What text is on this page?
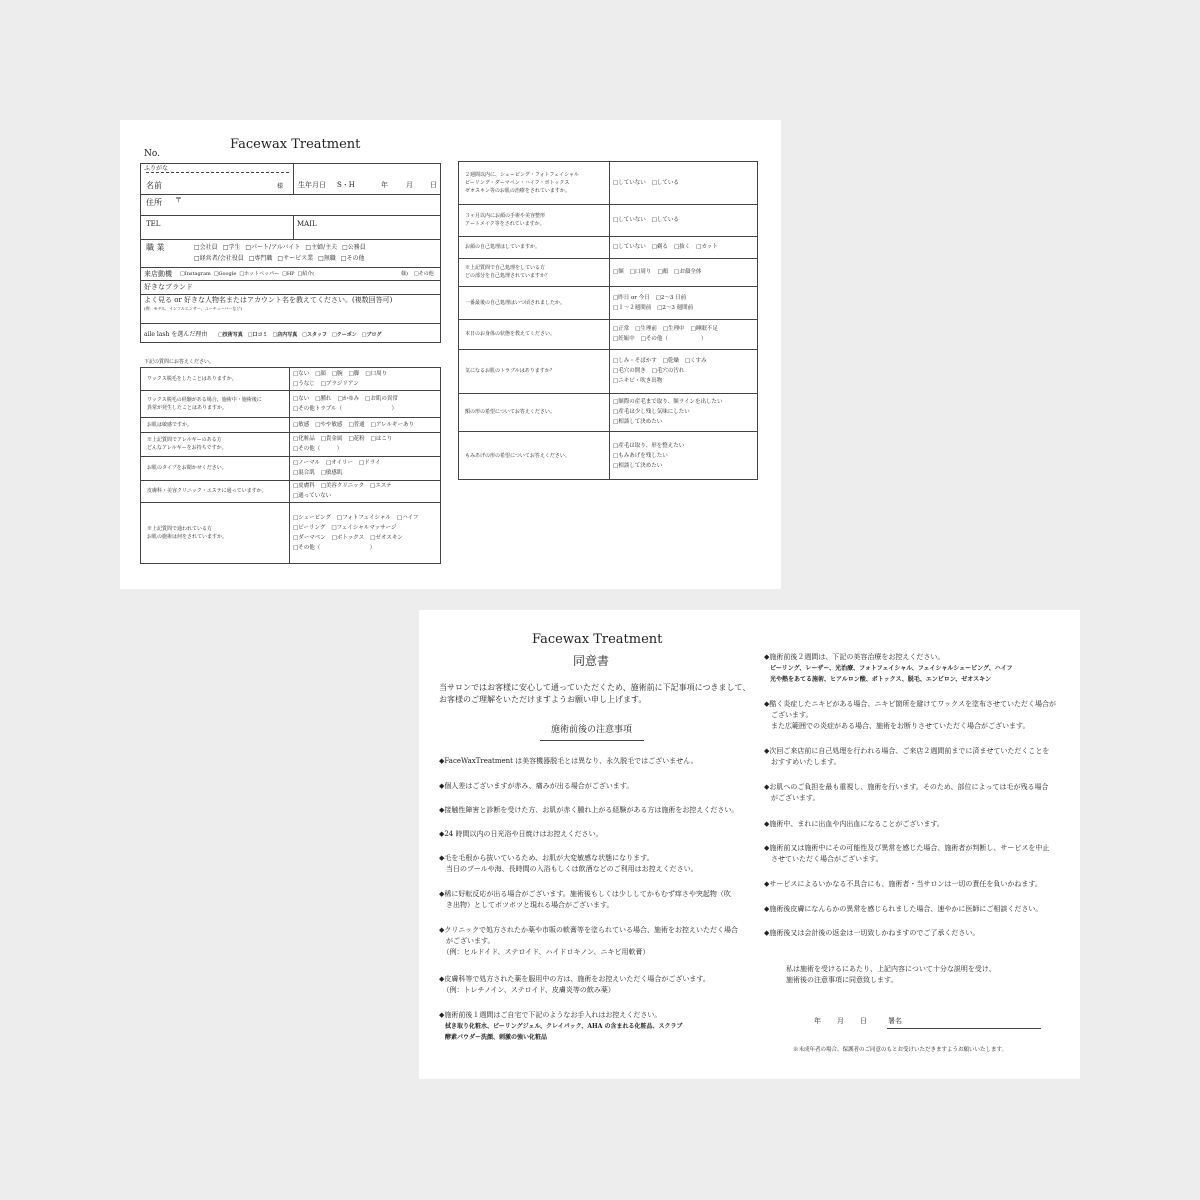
Facewax Treatment
No.
ふりがな
名前	様 生年月日 S・H	年	月 日
住所 〒
TEL	MAIL
職 業 □	会社員 □ 学生 □ パート/アルバイト □ 主婦/主夫 □ 公務員
□ 経営者/会社役員 □ 専門職 □ サービス業 □ 無職 □ その他
来店動機 □	Instagram □ Google □ ホットペッパー □ HP □ 紹介(	様) □	その他
好きなブランド
よく見る or 好きな人物名またはアカウント名を教えてください。(複数回答可)
(例：モデル、インフルエンサー、ユーチューバーなど)
aile lash を選んだ理由 □	技術写真 □ 口コミ □ 店内写真 □ スタッフ □ クーポン □ ブログ
下記の質問にお答えください。
ワックス脱毛をしたことはありますか。
□ ない □ 顔 □ 腕 □ 脚 □ 口周り
□ うなじ □ ブラジリアン
ワックス脱毛の経験がある場合、施術中・施術後に
異常が発生したことはありますか。
□ ない □ 腫れ □ かゆみ □ お肌の異常
□ その他トラブル（　　　　　　　　　）
お肌は敏感ですか。 □	敏感 □ やや敏感 □ 普通 □ アレルギーあり
※上記質問でアレルギーのある方
どんなアレルギーをお持ちですか。
□ 化粧品 □ 貴金属 □ 花粉 □ はこり
□ その他（　　　）
お肌のタイプをお聞かせください。
□ ノーマル □ オイリー □ ドライ
□ 混合肌 □ 敏感肌
皮膚科・美容クリニック・エステに通っていますか。
□ 皮膚科 □ 美容クリニック □ エステ
□ 通っていない
※上記質問で通われている方
お肌の施術は何をされていますか。
□ シェービング □ フォトフェイシャル □ ハイフ
□ ピーリング □ フェイシャルマッサージ
□ ダーマペン □ ボトックス □ ゼオスキン
□ その他（　　　　　　　　　）
２週間以内に、シェービング・フォトフェイシャル
ピーリング・ダーマペン・ハイフ・ボトックス
ゼオスキン等のお肌の治療をされていますか。
□ していない □ している
３ヶ月以内にお顔の手術や美容整形
アートメイク等をされていますか。
□ していない □ している
お顔の自己処理はしていますか。 □	していない □ 剃る □ 抜く □ カット
※上記質問で自己処理をしている方
どの部分を自己処理されていますか？
□ 額 □ 口周り □ 頬 □ お顔全体
一番最後の自己処理はいつ頃されましたか。
□ 昨日 or 今日 □ 2〜3 日前
□ １〜２週間前 □ 2〜3 週間前
本日のお身体の状態を教えてください。
□ 正常 □ 生理前 □ 生理中 □ 睡眠不足
□ 妊娠中 □ その他（　　　　　　）
気になるお肌のトラブルはありますか？
□ しみ・そばかす □ 乾燥 □ くすみ
□ 毛穴の開き □ 毛穴の汚れ
□ ニキビ・吹き出物
額の形の希望についてお答えください。
□ 額際の産毛まで取り、額ラインを出したい
□ 産毛は少し残し気味にしたい
□ 相談して決めたい
もみあげの形の希望についてお答えください。
□ 産毛は取り、形を整えたい
□ もみあげを残したい
□ 相談して決めたい
Facewax Treatment
同意書
当サロンではお客様に安心して通っていただくため、施術前に下記事項につきまして、
お客様のご理解をいただけますようお願い申し上げます。
施術前後の注意事項
◆FaceWaxTreatment は美容機器脱毛とは異なり、永久脱毛ではございません。
◆個人差はございますが赤み、痛みが出る場合がございます。
◆接触性障害と診断を受けた方、お肌が赤く腫れ上がる経験がある方は施術をお控えください。
◆24 時間以内の日光浴や日焼けはお控えください。
◆毛を毛根から抜いているため、お肌が大変敏感な状態になります。
　当日のプールや海、長時間の入浴もしくは飲酒などのご利用はお控えください。
◆稀に好転反応が出る場合がございます。施術後もしくは少ししてかもむず痒さや突起物（吹
　き出物）としてボツボツと現れる場合がございます。
◆クリニックで処方されたか薬や市販の軟膏等を塗られている場合、施術をお控えいただく場合
　がございます。
　（例：ヒルドイド、ステロイド、ハイドロキノン、ニキビ用軟膏）
◆皮膚科等で処方された薬を服用中の方は、施術をお控えいただく場合がございます。
　（例：トレチノイン、ステロイド、皮膚炎等の飲み薬）
◆施術前後１週間はご自宅で下記のようなお手入れはお控えください。
　拭き取り化粧水、ピーリングジェル、クレイパック、AHA の含まれる化粧品、スクラブ
　酵素パウダー洗顔、刺激の強い化粧品
◆施術前後２週間は、下記の美容治療をお控えください。
　ピーリング、レーザー、光治療、フォトフェイシャル、フェイシャルシェービング、ハイフ
　光や熱をあてる施術、ヒアルロン酸、ボトックス、脱毛、エンビロン、ゼオスキン
◆酷く炎症したニキビがある場合、ニキビ箇所を避けてワックスを塗布させていただく場合が
　ございます。
　また広範囲での炎症がある場合、施術をお断りさせていただく場合がございます。
◆次回ご来店前に自己処理を行われる場合、ご来店２週間前までに済ませていただくことを
　おすすめいたします。
◆お肌へのご負担を最も重視し、施術を行います。そのため、部位によっては毛が残る場合
　がございます。
◆施術中、まれに出血や内出血になることがございます。
◆施術前又は施術中にその可能性及び異常を感じた場合、施術者が判断し、サービスを中止
　させていただく場合がございます。
◆サービスによるいかなる不具合にも、施術者・当サロンは一切の責任を負いかねます。
◆施術後皮膚になんらかの異常を感じられました場合、速やかに医師にご相談ください。
◆施術後又は会計後の返金は一切致しかねますのでご了承ください。
私は施術を受けるにあたり、上記内容について十分な説明を受け、
施術後の注意事項に同意致します。
年 月 日	署名
※未成年者の場合、保護者のご同意のもとお受けいただきますようお願いいたします。
